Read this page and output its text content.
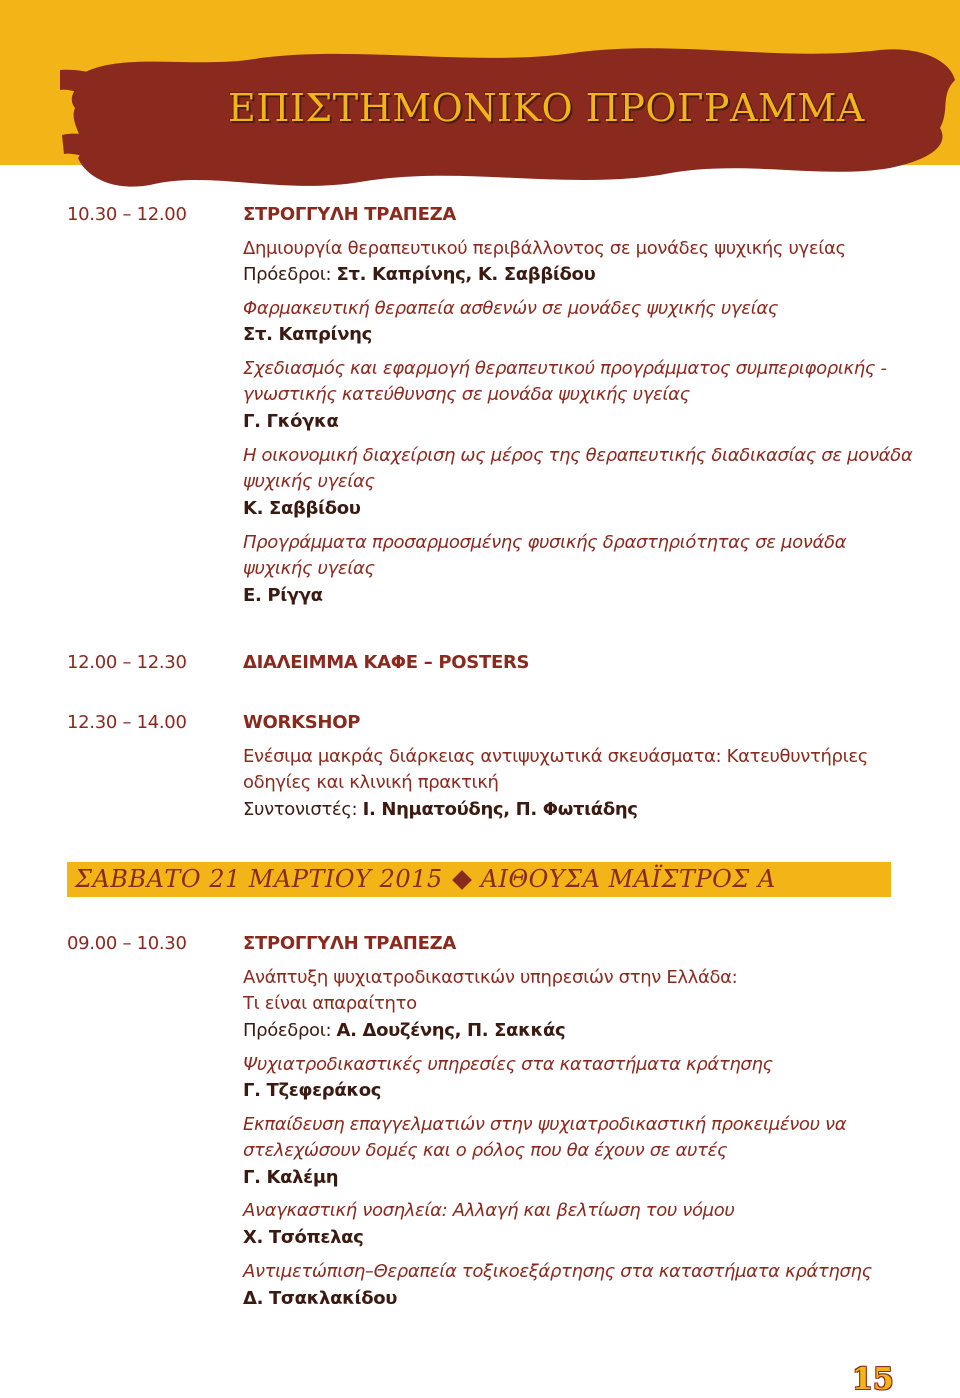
ΕΠΙΣΤΗΜΟΝΙΚΟ ΠΡΟΓΡΑΜΜΑ
10.30 – 12.00	ΣΤΡΟΓΓΥΛΗ ΤΡΑΠΕΖΑ
Δημιουργία θεραπευτικού περιβάλλοντος σε μονάδες ψυχικής υγείας
Πρόεδροι: Στ. Καπρίνης, Κ. Σαββίδου
Φαρμακευτική θεραπεία ασθενών σε μονάδες ψυχικής υγείας
Στ. Καπρίνης
Σχεδιασμός και εφαρμογή θεραπευτικού προγράμματος συμπεριφορικής -
γνωστικής κατεύθυνσης σε μονάδα ψυχικής υγείας
Γ. Γκόγκα
Η οικονομική διαχείριση ως μέρος της θεραπευτικής διαδικασίας σε μονάδα
ψυχικής υγείας
Κ. Σαββίδου
Προγράμματα προσαρμοσμένης φυσικής δραστηριότητας σε μονάδα
ψυχικής υγείας
Ε. Ρίγγα
12.00 – 12.30	ΔΙΑΛΕΙΜΜΑ ΚΑΦΕ – POSTERS
12.30 – 14.00	WORKSHOP
Ενέσιμα μακράς διάρκειας αντιψυχωτικά σκευάσματα: Κατευθυντήριες
οδηγίες και κλινική πρακτική
Συντονιστές: Ι. Νηματούδης, Π. Φωτιάδης
ΣΑΒΒΑΤΟ 21 ΜΑΡΤΙΟΥ 2015 ΑΙΘΟΥΣΑ ΜΑΪΣΤΡΟΣ Α
09.00 – 10.30	ΣΤΡΟΓΓΥΛΗ ΤΡΑΠΕΖΑ
Ανάπτυξη ψυχιατροδικαστικών υπηρεσιών στην Ελλάδα:
Τι είναι απαραίτητο
Πρόεδροι: Α. Δουζένης, Π. Σακκάς
Ψυχιατροδικαστικές υπηρεσίες στα καταστήματα κράτησης
Γ. Τζεφεράκος
Εκπαίδευση επαγγελματιών στην ψυχιατροδικαστική προκειμένου να
στελεχώσουν δομές και ο ρόλος που θα έχουν σε αυτές
Γ. Καλέμη
Αναγκαστική νοσηλεία: Αλλαγή και βελτίωση του νόμου
Χ. Τσόπελας
Αντιμετώπιση–Θεραπεία τοξικοεξάρτησης στα καταστήματα κράτησης
Δ. Τσακλακίδου
15
